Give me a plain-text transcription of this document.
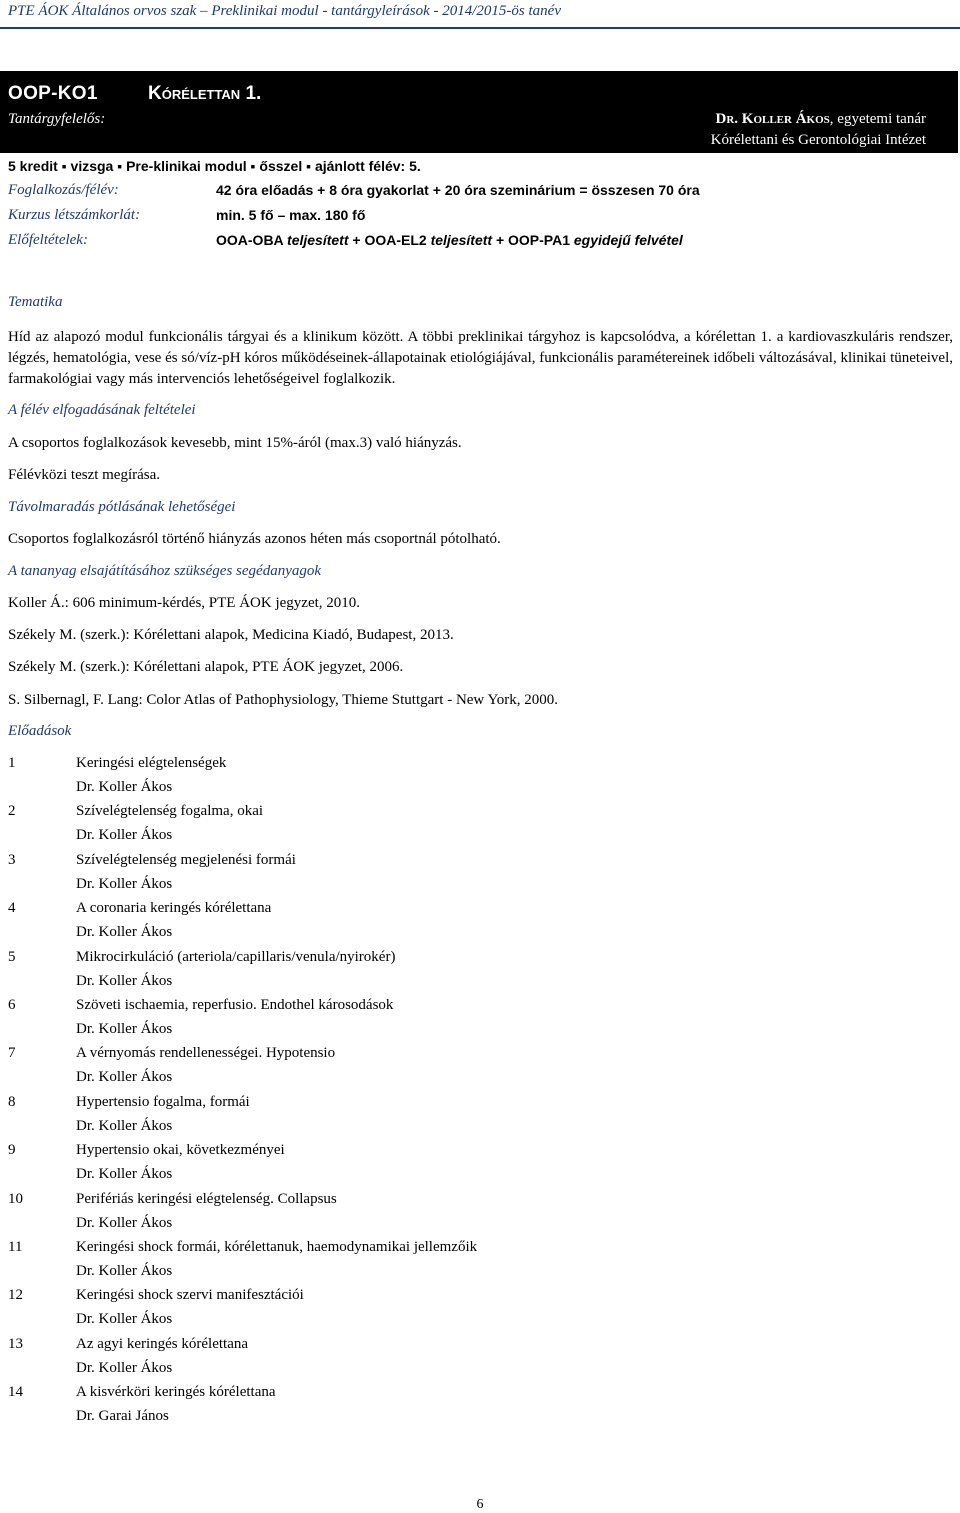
PTE ÁOK Általános orvos szak – Preklinikai modul - tantárgyleírások - 2014/2015-ös tanév
OOP-KO1	Kórélettan 1.
Tantárgyfelelős:	Dr. Koller Ákos, egyetemi tanár
Kórélettani és Gerontológiai Intézet
5 kredit ▪ vizsga ▪ Pre-klinikai modul ▪ ősszel ▪ ajánlott félév: 5.
Foglalkozás/félév:	42 óra előadás + 8 óra gyakorlat + 20 óra szeminárium = összesen 70 óra
Kurzus létszámkorlát:	min. 5 fő – max. 180 fő
Előfeltételek:	OOA-OBA teljesített + OOA-EL2 teljesített + OOP-PA1 egyidejű felvétel
Tematika
Híd az alapozó modul funkcionális tárgyai és a klinikum között. A többi preklinikai tárgyhoz is kapcsolódva, a kórélettan 1. a kardiovaszkuláris rendszer, légzés, hematológia, vese és só/víz-pH kóros működéseinek-állapotainak etiológiájával, funkcionális paramétereinek időbeli változásával, klinikai tüneteivel, farmakológiai vagy más intervenciós lehetőségeivel foglalkozik.
A félév elfogadásának feltételei
A csoportos foglalkozások kevesebb, mint 15%-áról (max.3) való hiányzás.
Félévközi teszt megírása.
Távolmaradás pótlásának lehetőségei
Csoportos foglalkozásról történő hiányzás azonos héten más csoportnál pótolható.
A tananyag elsajátításához szükséges segédanyagok
Koller Á.: 606 minimum-kérdés, PTE ÁOK jegyzet, 2010.
Székely M. (szerk.): Kórélettani alapok, Medicina Kiadó, Budapest, 2013.
Székely M. (szerk.): Kórélettani alapok, PTE ÁOK jegyzet, 2006.
S. Silbernagl, F. Lang: Color Atlas of Pathophysiology, Thieme Stuttgart - New York, 2000.
Előadások
1	Keringési elégtelenségek
Dr. Koller Ákos
2	Szívelégtelenség fogalma, okai
Dr. Koller Ákos
3	Szívelégtelenség megjelenési formái
Dr. Koller Ákos
4	A coronaria keringés kórélettana
Dr. Koller Ákos
5	Mikrocirkuláció (arteriola/capillaris/venula/nyirokér)
Dr. Koller Ákos
6	Szöveti ischaemia, reperfusio. Endothel károsodások
Dr. Koller Ákos
7	A vérnyomás rendellenességei. Hypotensio
Dr. Koller Ákos
8	Hypertensio fogalma, formái
Dr. Koller Ákos
9	Hypertensio okai, következményei
Dr. Koller Ákos
10	Perifériás keringési elégtelenség. Collapsus
Dr. Koller Ákos
11	Keringési shock formái, kórélettanuk, haemodynamikai jellemzőik
Dr. Koller Ákos
12	Keringési shock szervi manifesztációi
Dr. Koller Ákos
13	Az agyi keringés kórélettana
Dr. Koller Ákos
14	A kisvérköri keringés kórélettana
Dr. Garai János
6
